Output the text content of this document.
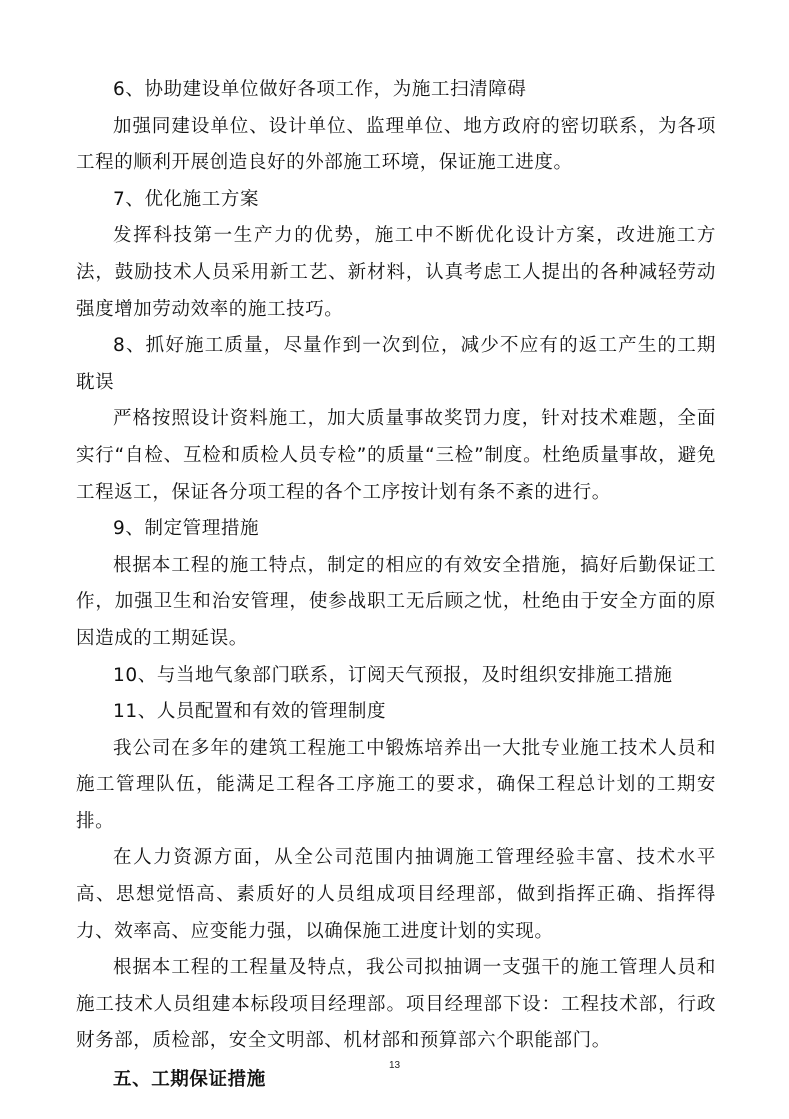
6、协助建设单位做好各项工作，为施工扫清障碍

加强同建设单位、设计单位、监理单位、地方政府的密切联系，为各项工程的顺利开展创造良好的外部施工环境，保证施工进度。

7、优化施工方案

发挥科技第一生产力的优势，施工中不断优化设计方案，改进施工方法，鼓励技术人员采用新工艺、新材料，认真考虑工人提出的各种减轻劳动强度增加劳动效率的施工技巧。

8、抓好施工质量，尽量作到一次到位，减少不应有的返工产生的工期耽误

严格按照设计资料施工，加大质量事故奖罚力度，针对技术难题，全面实行“自检、互检和质检人员专检”的质量“三检”制度。杜绝质量事故，避免工程返工，保证各分项工程的各个工序按计划有条不紊的进行。

9、制定管理措施

根据本工程的施工特点，制定的相应的有效安全措施，搞好后勤保证工作，加强卫生和治安管理，使参战职工无后顾之忧，杜绝由于安全方面的原因造成的工期延误。

10、与当地气象部门联系，订阅天气预报，及时组织安排施工措施

11、人员配置和有效的管理制度

我公司在多年的建筑工程施工中锻炼培养出一大批专业施工技术人员和施工管理队伍，能满足工程各工序施工的要求，确保工程总计划的工期安排。

在人力资源方面，从全公司范围内抽调施工管理经验丰富、技术水平高、思想觉悟高、素质好的人员组成项目经理部，做到指挥正确、指挥得力、效率高、应变能力强，以确保施工进度计划的实现。

根据本工程的工程量及特点，我公司拟抽调一支强干的施工管理人员和施工技术人员组建本标段项目经理部。项目经理部下设：工程技术部，行政财务部，质检部，安全文明部、机材部和预算部六个职能部门。

五、工期保证措施

13
